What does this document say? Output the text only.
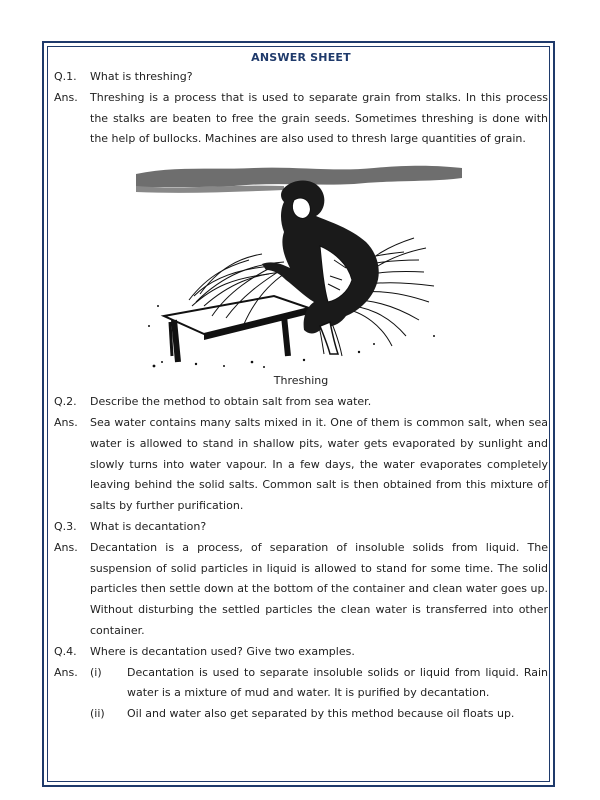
ANSWER SHEET
Q.1.	What is threshing?
Ans.	Threshing is a process that is used to separate grain from stalks. In this process the stalks are beaten to free the grain seeds. Sometimes threshing is done with the help of bullocks. Machines are also used to thresh large quantities of grain.
Threshing
Q.2.	Describe the method to obtain salt from sea water.
Ans.	Sea water contains many salts mixed in it. One of them is common salt, when sea water is allowed to stand in shallow pits, water gets evaporated by sunlight and slowly turns into water vapour. In a few days, the water evaporates completely leaving behind the solid salts. Common salt is then obtained from this mixture of salts by further purification.
Q.3.	What is decantation?
Ans.	Decantation is a process, of separation of insoluble solids from liquid. The suspension of solid particles in liquid is allowed to stand for some time. The solid particles then settle down at the bottom of the container and clean water goes up. Without disturbing the settled particles the clean water is transferred into other container.
Q.4.	Where is decantation used? Give two examples.
Ans.	(i)	Decantation is used to separate insoluble solids or liquid from liquid. Rain water is a mixture of mud and water. It is purified by decantation.
(ii)	Oil and water also get separated by this method because oil floats up.
